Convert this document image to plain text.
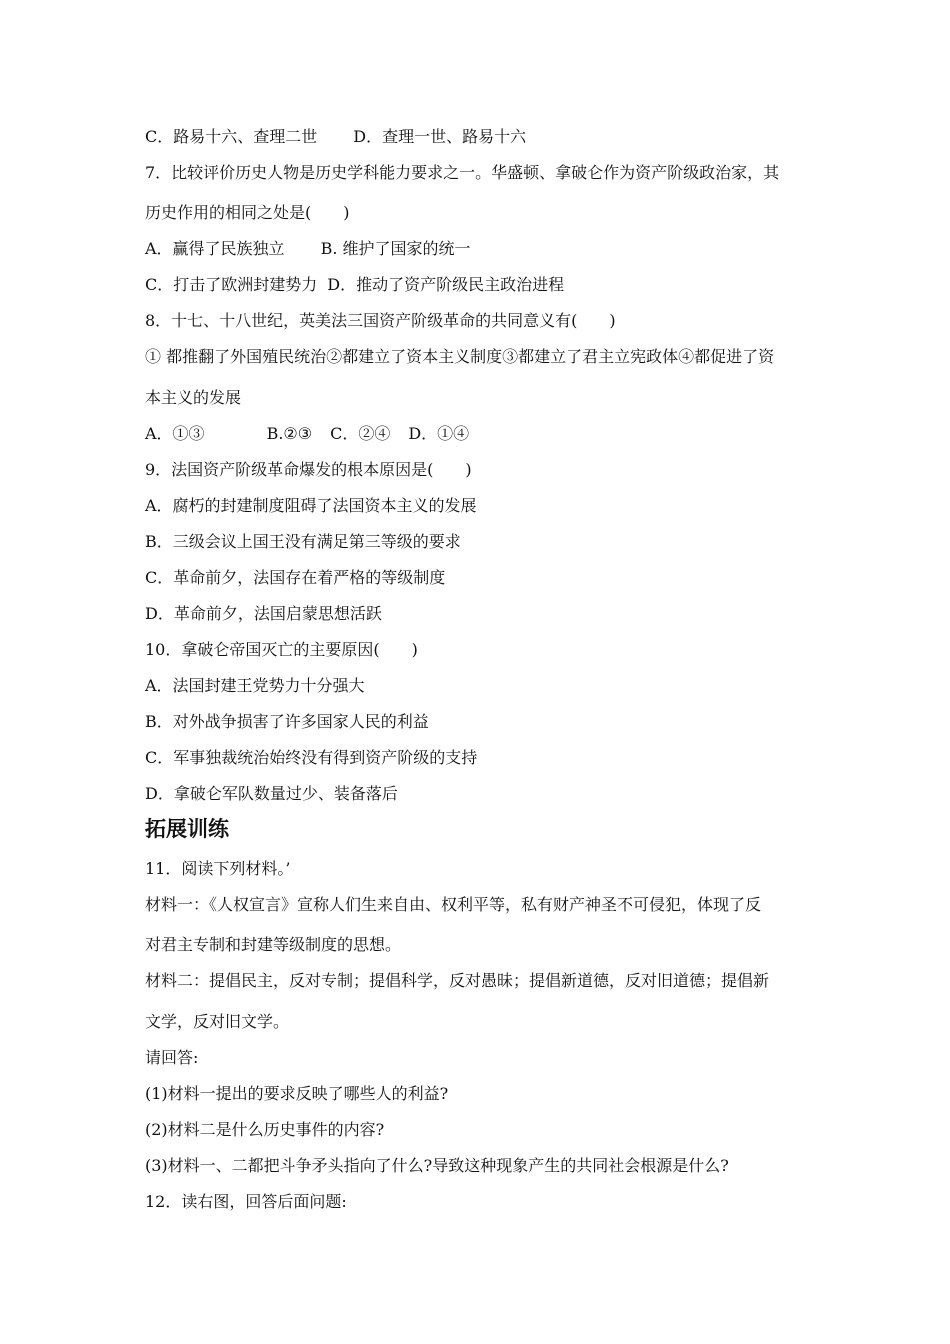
C．路易十六、查理二世 D．查理一世、路易十六
7．比较评价历史人物是历史学科能力要求之一。华盛顿、拿破仑作为资产阶级政治家，其
历史作用的相同之处是(　　)
A．赢得了民族独立 B. 维护了国家的统一
C．打击了欧洲封建势力 D．推动了资产阶级民主政治进程
8．十七、十八世纪，英美法三国资产阶级革命的共同意义有(　　)
① 都推翻了外国殖民统治②都建立了资本主义制度③都建立了君主立宪政体④都促进了资
本主义的发展
A．①③	B.②③ C．②④ D．①④
9．法国资产阶级革命爆发的根本原因是(　　)
A．腐朽的封建制度阻碍了法国资本主义的发展
B．三级会议上国王没有满足第三等级的要求
C．革命前夕，法国存在着严格的等级制度
D．革命前夕，法国启蒙思想活跃
10．拿破仑帝国灭亡的主要原因(　　)
A．法国封建王党势力十分强大
B．对外战争损害了许多国家人民的利益
C．军事独裁统治始终没有得到资产阶级的支持
D．拿破仑军队数量过少、装备落后
拓展训练
11．阅读下列材料。’
材料一：《人权宣言》宣称人们生来自由、权利平等，私有财产神圣不可侵犯，体现了反
对君主专制和封建等级制度的思想。
材料二：提倡民主，反对专制；提倡科学，反对愚昧；提倡新道德，反对旧道德；提倡新
文学，反对旧文学。
请回答:
(1)材料一提出的要求反映了哪些人的利益?
(2)材料二是什么历史事件的内容?
(3)材料一、二都把斗争矛头指向了什么?导致这种现象产生的共同社会根源是什么?
12．读右图，回答后面问题:
